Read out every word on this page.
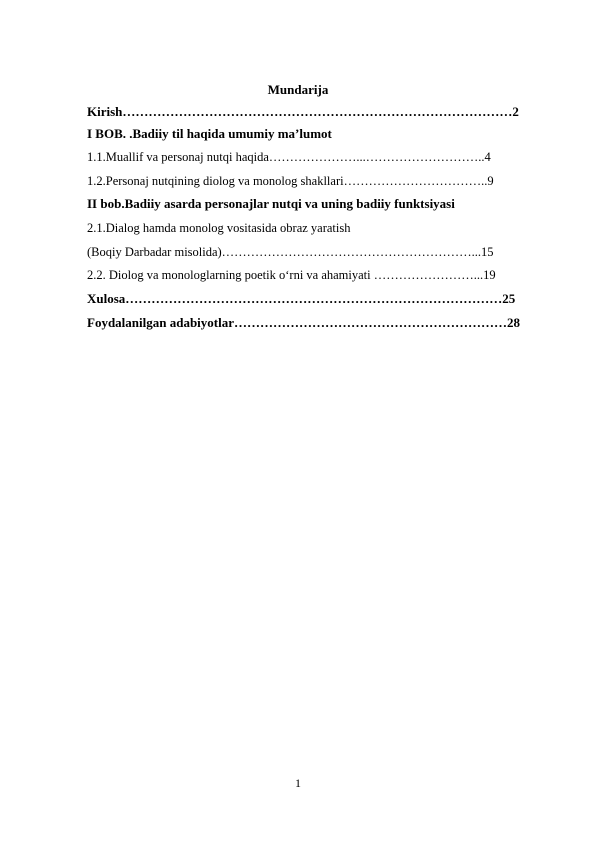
Mundarija
Kirish………………………………………………………………………………2
I BOB. .Badiiy til haqida umumiy ma’lumot
1.1.Muallif va personaj nutqi haqida…………………...………………………..4
1.2.Personaj nutqining diolog va monolog shakllari……………………………..9
II bob.Badiiy asarda personajlar nutqi va uning badiiy funktsiyasi
2.1.Dialog hamda monolog vositasida obraz yaratish
(Boqiy Darbadar misolida)……………………………………………………...15
2.2. Diolog va monologlarning poetik o‘rni va ahamiyati ……………………...19
Xulosa……………………………………………………………………………25
Foydalanilgan adabiyotlar………………………………………………………28
1
